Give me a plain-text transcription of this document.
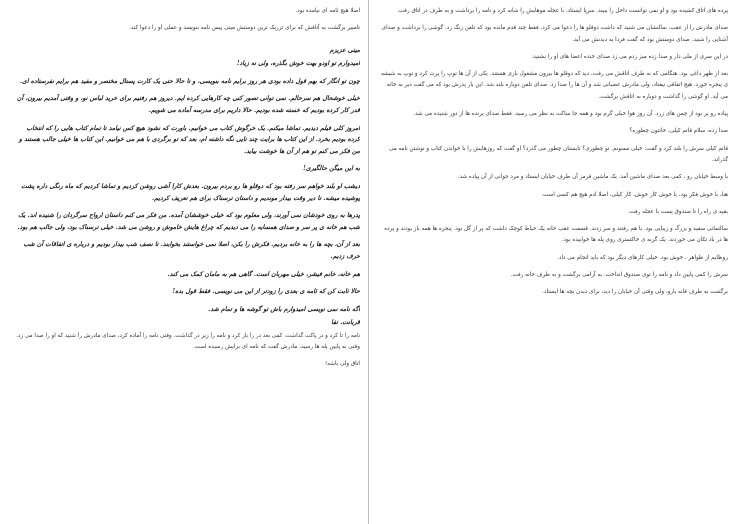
اصلا هیچ ئامه ای نیامده بود.

تامبیر برگشت به آتاقش که برای تزریک ترین دوستش میتی پیس نامه بنویسد و عملی او را دعوا کند.

میتی عزیزم

امیدوارم تو اودو بهت خوش بگذره، ولی نه زیاد!

چون تو انگار که بهم قول داده بودی هر روز برایم نامه بنویسی، و تا حالا حتی یک کارت پستال مختصر و مفید هم برایم نفرستاده ای.

خیلی خوشحال هم سرحالم. نمی توانی تصور کنی چه کارهایی کرده ایم. دیروز هم رفتیم برای خرید لباس نو، و وقتی آمدیم بیرون، آن قدر کار کرده بودیم که خسته شده بودیم. حالا داریم برای مدرسه آماده می شویم.

امروز کلی فیلم دیدیم. تماشا میکنم. یک خرگوش کتاب می خوانیم. باورت که نشود هیچ کس نیامد تا تمام کتاب هایی را که انتخاب کرده بودیم بخرد. از این کتاب ها برایت چند تایی نگه داشته ام، بعد که تو برگردی با هم می خوانیم. این کتاب ها خیلی جالب هستند و من فکر می کنم تو هم از آن ها خوشت بیاید.

به این میگن حالگیری!

دیشب او بلند خواهم سر رفته بود که دوقلو ها رو بردم بیرون. بعدش کارا آشی روشن کردیم و تماشا کردیم که ماه رنگی داره پشت پوشیده میشه. تا دیر وقت بیدار موندیم و داستان ترسناک برای هم تعریف کردیم.

پدرها به روی خودشان نمی آورند، ولی معلوم بود که خیلی خوششان آمده. من فکر می کنم داستان ارواح سرگردان را شنیده اند. یک شب هم خانه ی پر سر و صدای همسایه را می دیدیم که چراغ هایش خاموش و روشن می شد. خیلی ترسناک بود، ولی جالب هم بود.

بعد از آن، بچه ها را به خانه بردیم. فکرش را بکن، اصلا نمی خواستند بخوابند. تا نصف شب بیدار بودیم و درباره ی اتفاقات آن شب حرف زدیم.

هم خانه، خانم فیشر، خیلی مهربان است. گاهی هم به مامان کمک می کند.

حالا ثابت کن که ئامه ی بعدی را زودتر از این می نویسی. فقط قول بده!

اگه نامه نمی نویسی امیدوارم باش تو گوشه ها و تمام شد.

قربانت. تفا

نامه را تا کرد و در پاکت گذاشت. کمی بعد در را باز کرد و نامه را زیر در گذاشت. وقتی نامه را آماده کرد، صدای مادرش را شنید که او را صدا می زد. وقتی به پایین پله ها رسید، مادرش گفت که نامه ای برایش رسیده است.

اتاق ولی باشه!

پرده های اتاق کشیده بود و او نمی توانست داخل را ببیند. سرپا ایستاد، با عجله موهایش را شانه کرد و نامه را برداشت و به طرف در اتاق رفت.

صدای مادرش را از عقب، سالنشان می شنید که داشت دوقلو ها را دعوا می کرد. فقط چند قدم مانده بود که تلفن زنگ زد. گوشی را برداشت و صدای آشنایی را شنید. صدای دوستش بود که گفت فردا به دیدنش می آید.

در این سری از ملی دار و صدا زده میز ردم می زد صدای خنده اعضا های او را نشنید.

بعد از ظهر داغی بود. هنگامی که به طرف اتاقش می رفت، دید که دوقلو ها بیرون مشغول بازی هستند. یکی از آن ها توپ را پرت کرد و توپ به شیشه ی پنجره خورد. هیچ اتفاقی نیفتاد، ولی مادرش عصبانی شد و آن ها را صدا زد. صدای تلفن دوباره بلند شد. این بار پدرش بود که می گفت دیر به خانه می آید. او گوشی را گذاشت و دوباره به اتاقش برگشت.

پیاده رو پر بود از چمن های زرد. آن روز هوا خیلی گرم بود و همه جا ساکت به نظر می رسید. فقط صدای پرنده ها از دور شنیده می شد.

صدا زده، سلام قاتم کیلی، خانتون چطوره؟

قاتم کیلی سرش را بلند کرد و گفت: خیلی ممنونم. تو چطوری؟ تابستان چطور می گذرد؟ او گفت که روزهایش را با خواندن کتاب و نوشتن نامه می گذراند.

با وسط خیابان رو ، کمی بعد صدای ماشین آمد. یک ماشین قرمز آن طرف خیابان ایستاد و مرد جوانی از آن پیاده شد.

هنا، با خوش فکر بود، با خوش کار خوش، کار کیلی، اصلا ادم هیچ هم کسی است.

بقیه ی راه را تا صندوق پست با عجله رفت.

سالتمانی سفید و بزرگ و زیبایی بود. با هم رفتند و سر زدند. قسمت عقب خانه یک حیاط کوچک داشت که پر از گل بود. پنجره ها همه باز بودند و پرده ها در باد تکان می خوردند. یک گربه ی خاکستری روی پله ها خوابیده بود.

روظایم از ظواهر ، خوش بود. خیلی کارهای دیگر بود که باید انجام می داد.

سرش را کمی پایین داد و نامه را توی صندوق انداخت. به آرامی برگشت و به طرف خانه رفت.

برگشت به طرف قانه بارو، ولی وقتی آن خیابان را دید، برای دیدن بچه ها ایستاد.
